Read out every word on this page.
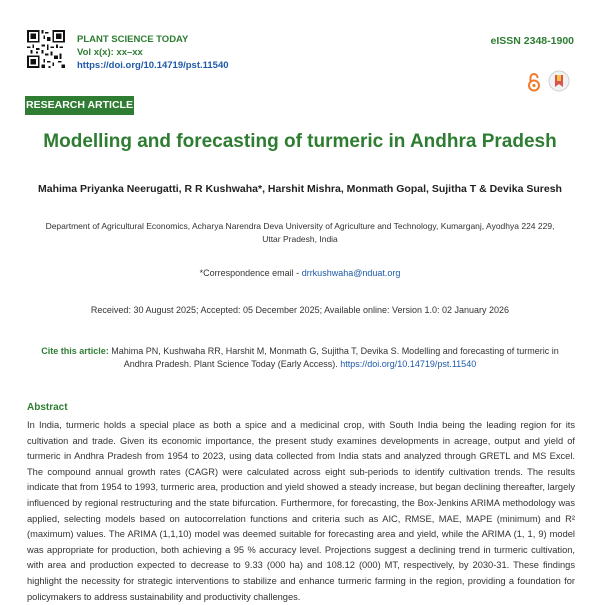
PLANT SCIENCE TODAY
Vol x(x): xx–xx
https://doi.org/10.14719/pst.11540
eISSN 2348-1900
RESEARCH ARTICLE
Modelling and forecasting of turmeric in Andhra Pradesh
Mahima Priyanka Neerugatti, R R Kushwaha*, Harshit Mishra, Monmath Gopal, Sujitha T & Devika Suresh
Department of Agricultural Economics, Acharya Narendra Deva University of Agriculture and Technology, Kumarganj, Ayodhya 224 229, Uttar Pradesh, India
*Correspondence email - drrkushwaha@nduat.org
Received: 30 August 2025; Accepted: 05 December 2025; Available online: Version 1.0: 02 January 2026
Cite this article: Mahima PN, Kushwaha RR, Harshit M, Monmath G, Sujitha T, Devika S. Modelling and forecasting of turmeric in Andhra Pradesh. Plant Science Today (Early Access). https://doi.org/10.14719/pst.11540
Abstract
In India, turmeric holds a special place as both a spice and a medicinal crop, with South India being the leading region for its cultivation and trade. Given its economic importance, the present study examines developments in acreage, output and yield of turmeric in Andhra Pradesh from 1954 to 2023, using data collected from India stats and analyzed through GRETL and MS Excel. The compound annual growth rates (CAGR) were calculated across eight sub-periods to identify cultivation trends. The results indicate that from 1954 to 1993, turmeric area, production and yield showed a steady increase, but began declining thereafter, largely influenced by regional restructuring and the state bifurcation. Furthermore, for forecasting, the Box-Jenkins ARIMA methodology was applied, selecting models based on autocorrelation functions and criteria such as AIC, RMSE, MAE, MAPE (minimum) and R² (maximum) values. The ARIMA (1,1,10) model was deemed suitable for forecasting area and yield, while the ARIMA (1, 1, 9) model was appropriate for production, both achieving a 95 % accuracy level. Projections suggest a declining trend in turmeric cultivation, with area and production expected to decrease to 9.33 (000 ha) and 108.12 (000) MT, respectively, by 2030-31. These findings highlight the necessity for strategic interventions to stabilize and enhance turmeric farming in the region, providing a foundation for policymakers to address sustainability and productivity challenges.
